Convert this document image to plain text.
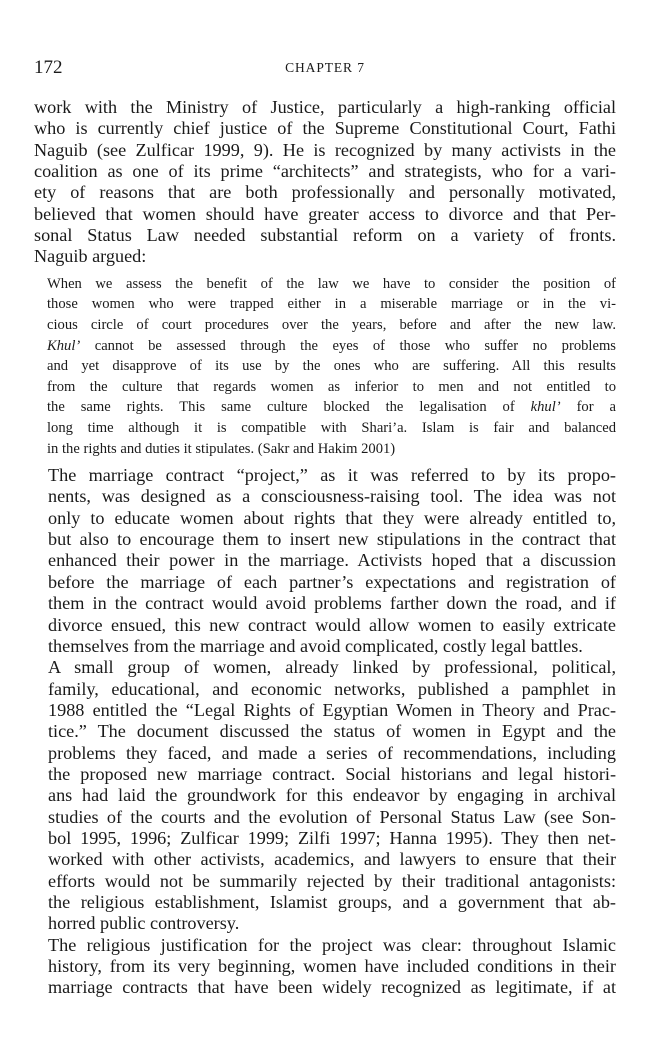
172	CHAPTER 7

work with the Ministry of Justice, particularly a high-ranking official
who is currently chief justice of the Supreme Constitutional Court, Fathi
Naguib (see Zulficar 1999, 9). He is recognized by many activists in the
coalition as one of its prime “architects” and strategists, who for a vari-
ety of reasons that are both professionally and personally motivated,
believed that women should have greater access to divorce and that Per-
sonal Status Law needed substantial reform on a variety of fronts.
Naguib argued:

When we assess the benefit of the law we have to consider the position of
those women who were trapped either in a miserable marriage or in the vi-
cious circle of court procedures over the years, before and after the new law.
Khul’ cannot be assessed through the eyes of those who suffer no problems
and yet disapprove of its use by the ones who are suffering. All this results
from the culture that regards women as inferior to men and not entitled to
the same rights. This same culture blocked the legalisation of khul’ for a
long time although it is compatible with Shari’a. Islam is fair and balanced
in the rights and duties it stipulates. (Sakr and Hakim 2001)

The marriage contract “project,” as it was referred to by its propo-
nents, was designed as a consciousness-raising tool. The idea was not
only to educate women about rights that they were already entitled to,
but also to encourage them to insert new stipulations in the contract that
enhanced their power in the marriage. Activists hoped that a discussion
before the marriage of each partner’s expectations and registration of
them in the contract would avoid problems farther down the road, and if
divorce ensued, this new contract would allow women to easily extricate
themselves from the marriage and avoid complicated, costly legal battles.

A small group of women, already linked by professional, political,
family, educational, and economic networks, published a pamphlet in
1988 entitled the “Legal Rights of Egyptian Women in Theory and Prac-
tice.” The document discussed the status of women in Egypt and the
problems they faced, and made a series of recommendations, including
the proposed new marriage contract. Social historians and legal histori-
ans had laid the groundwork for this endeavor by engaging in archival
studies of the courts and the evolution of Personal Status Law (see Son-
bol 1995, 1996; Zulficar 1999; Zilfi 1997; Hanna 1995). They then net-
worked with other activists, academics, and lawyers to ensure that their
efforts would not be summarily rejected by their traditional antagonists:
the religious establishment, Islamist groups, and a government that ab-
horred public controversy.

The religious justification for the project was clear: throughout Islamic
history, from its very beginning, women have included conditions in their
marriage contracts that have been widely recognized as legitimate, if at
